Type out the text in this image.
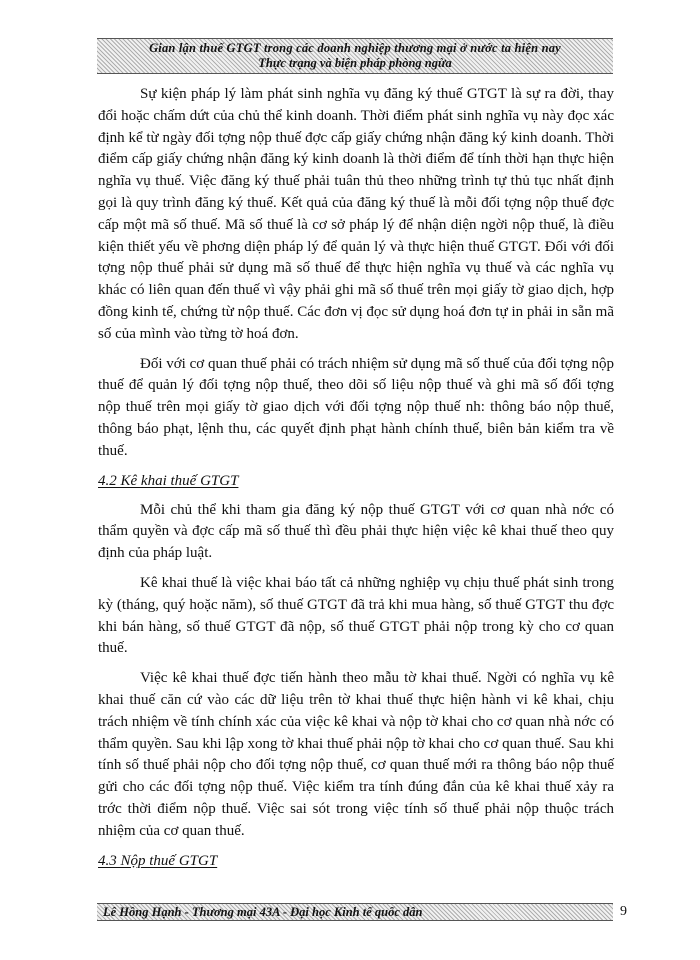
Gian lận thuế GTGT trong các doanh nghiệp thương mại ở nước ta hiện nay
Thực trạng và biện pháp phòng ngừa

Sự kiện pháp lý làm phát sinh nghĩa vụ đăng ký thuế GTGT là sự ra đời, thay đổi hoặc chấm dứt của chủ thể kinh doanh. Thời điểm phát sinh nghĩa vụ này đọc xác định kể từ ngày đối tợng nộp thuế đợc cấp giấy chứng nhận đăng ký kinh doanh. Thời điểm cấp giấy chứng nhận đăng ký kinh doanh là thời điểm để tính thời hạn thực hiện nghĩa vụ thuế. Việc đăng ký thuế phải tuân thủ theo những trình tự thủ tục nhất định gọi là quy trình đăng ký thuế. Kết quả của đăng ký thuế là mỗi đối tợng nộp thuế đợc cấp một mã số thuế. Mã số thuế là cơ sở pháp lý để nhận diện ngời nộp thuế, là điều kiện thiết yếu về phơng diện pháp lý để quản lý và thực hiện thuế GTGT. Đối với đối tợng nộp thuế phải sử dụng mã số thuế để thực hiện nghĩa vụ thuế và các nghĩa vụ khác có liên quan đến thuế vì vậy phải ghi mã số thuế trên mọi giấy tờ giao dịch, hợp đồng kinh tế, chứng từ nộp thuế. Các đơn vị đọc sử dụng hoá đơn tự in phải in sẵn mã số của mình vào từng tờ hoá đơn.

Đối với cơ quan thuế phải có trách nhiệm sử dụng mã số thuế của đối tợng nộp thuế để quản lý đối tợng nộp thuế, theo dõi số liệu nộp thuế và ghi mã số đối tợng nộp thuế trên mọi giấy tờ giao dịch với đối tợng nộp thuế nh: thông báo nộp thuế, thông báo phạt, lệnh thu, các quyết định phạt hành chính thuế, biên bản kiểm tra về thuế.

4.2 Kê khai thuế GTGT

Mỗi chủ thể khi tham gia đăng ký nộp thuế GTGT với cơ quan nhà nớc có thẩm quyền và đợc cấp mã số thuế thì đều phải thực hiện việc kê khai thuế theo quy định của pháp luật.

Kê khai thuế là việc khai báo tất cả những nghiệp vụ chịu thuế phát sinh trong kỳ (tháng, quý hoặc năm), số thuế GTGT đã trả khi mua hàng, số thuế GTGT thu đợc khi bán hàng, số thuế GTGT đã nộp, số thuế GTGT phải nộp trong kỳ cho cơ quan thuế.

Việc kê khai thuế đợc tiến hành theo mẫu tờ khai thuế. Ngời có nghĩa vụ kê khai thuế căn cứ vào các dữ liệu trên tờ khai thuế thực hiện hành vi kê khai, chịu trách nhiệm về tính chính xác của việc kê khai và nộp tờ khai cho cơ quan nhà nớc có thẩm quyền. Sau khi lập xong tờ khai thuế phải nộp tờ khai cho cơ quan thuế. Sau khi tính số thuế phải nộp cho đối tợng nộp thuế, cơ quan thuế mới ra thông báo nộp thuế gửi cho các đối tợng nộp thuế. Việc kiểm tra tính đúng đắn của kê khai thuế xảy ra trớc thời điểm nộp thuế. Việc sai sót trong việc tính số thuế phải nộp thuộc trách nhiệm của cơ quan thuế.

4.3 Nộp thuế GTGT

Lê Hồng Hạnh - Thương mại 43A - Đại học Kinh tế quốc dân	9
